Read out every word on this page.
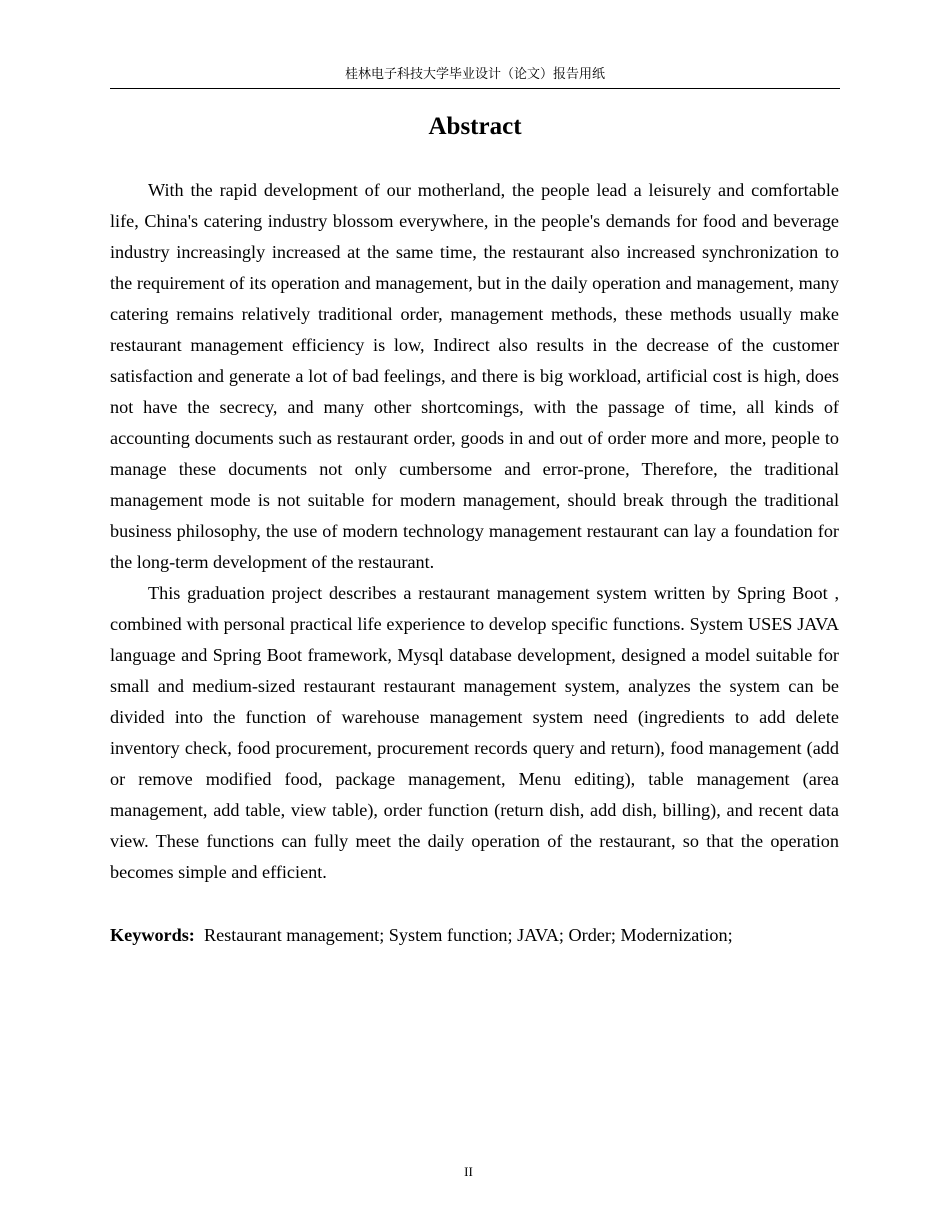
桂林电子科技大学毕业设计（论文）报告用纸
Abstract

With the rapid development of our motherland, the people lead a leisurely and comfortable life, China's catering industry blossom everywhere, in the people's demands for food and beverage industry increasingly increased at the same time, the restaurant also increased synchronization to the requirement of its operation and management, but in the daily operation and management, many catering remains relatively traditional order, management methods, these methods usually make restaurant management efficiency is low, Indirect also results in the decrease of the customer satisfaction and generate a lot of bad feelings, and there is big workload, artificial cost is high, does not have the secrecy, and many other shortcomings, with the passage of time, all kinds of accounting documents such as restaurant order, goods in and out of order more and more, people to manage these documents not only cumbersome and error-prone, Therefore, the traditional management mode is not suitable for modern management, should break through the traditional business philosophy, the use of modern technology management restaurant can lay a foundation for the long-term development of the restaurant.

This graduation project describes a restaurant management system written by Spring Boot , combined with personal practical life experience to develop specific functions. System USES JAVA language and Spring Boot framework, Mysql database development, designed a model suitable for small and medium-sized restaurant restaurant management system, analyzes the system can be divided into the function of warehouse management system need (ingredients to add delete inventory check, food procurement, procurement records query and return), food management (add or remove modified food, package management, Menu editing), table management (area management, add table, view table), order function (return dish, add dish, billing), and recent data view. These functions can fully meet the daily operation of the restaurant, so that the operation becomes simple and efficient.

Keywords: Restaurant management; System function; JAVA; Order; Modernization;
II
